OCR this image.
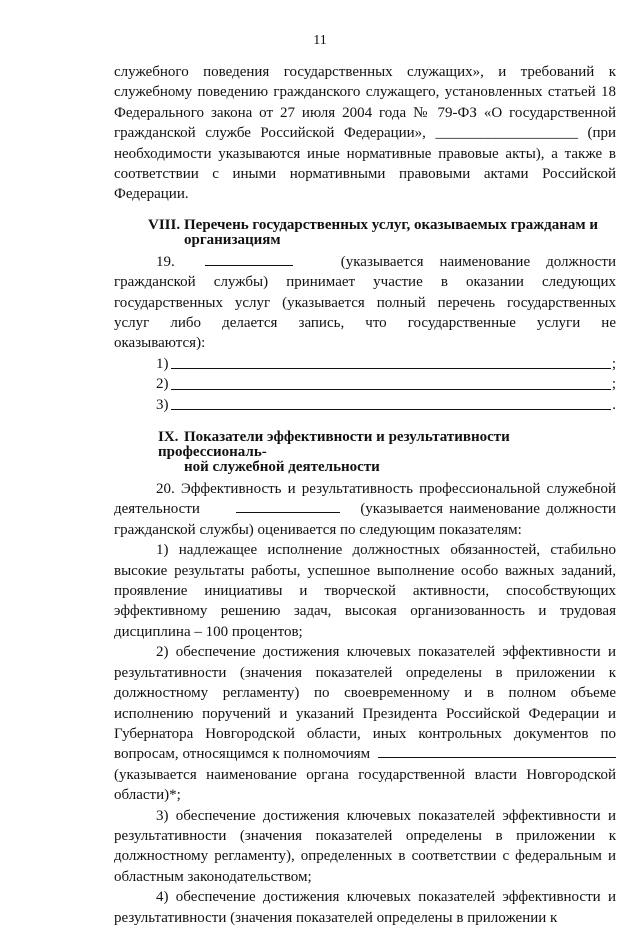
11

служебного поведения государственных служащих», и требований к служебному поведению гражданского служащего, установленных статьей 18 Федерального закона от 27 июля 2004 года № 79-ФЗ «О государственной гражданской службе Российской Федерации», ___________________ (при необходимости указываются иные нормативные правовые акты), а также в соответствии с иными нормативными правовыми актами Российской Федерации.

VIII. Перечень государственных услуг, оказываемых гражданам и
организациям

19.	(указывается наименование должности гражданской службы) принимает участие в оказании следующих государственных услуг (указывается полный перечень государственных услуг либо делается запись, что государственные услуги не оказываются):

1)	;
2)	;
3)	.
IX. Показатели эффективности и результативности профессиональ-
ной служебной деятельности

20. Эффективность и результативность профессиональной служебной деятельности	(указывается наименование должности гражданской службы) оценивается по следующим показателям:

1) надлежащее исполнение должностных обязанностей, стабильно высокие результаты работы, успешное выполнение особо важных заданий, проявление инициативы и творческой активности, способствующих эффективному решению задач, высокая организованность и трудовая дисциплина – 100 процентов;

2) обеспечение достижения ключевых показателей эффективности и результативности (значения показателей определены в приложении к должностному регламенту) по своевременному и в полном объеме исполнению поручений и указаний Президента Российской Федерации и Губернатора Новгородской области, иных контрольных документов по вопросам, относящимся к полномочиям  (указывается наименование органа государственной власти Новгородской области)*;

3) обеспечение достижения ключевых показателей эффективности и результативности (значения показателей определены в приложении к должностному регламенту), определенных в соответствии с федеральным и областным законодательством;

4) обеспечение достижения ключевых показателей эффективности и результативности (значения показателей определены в приложении к
